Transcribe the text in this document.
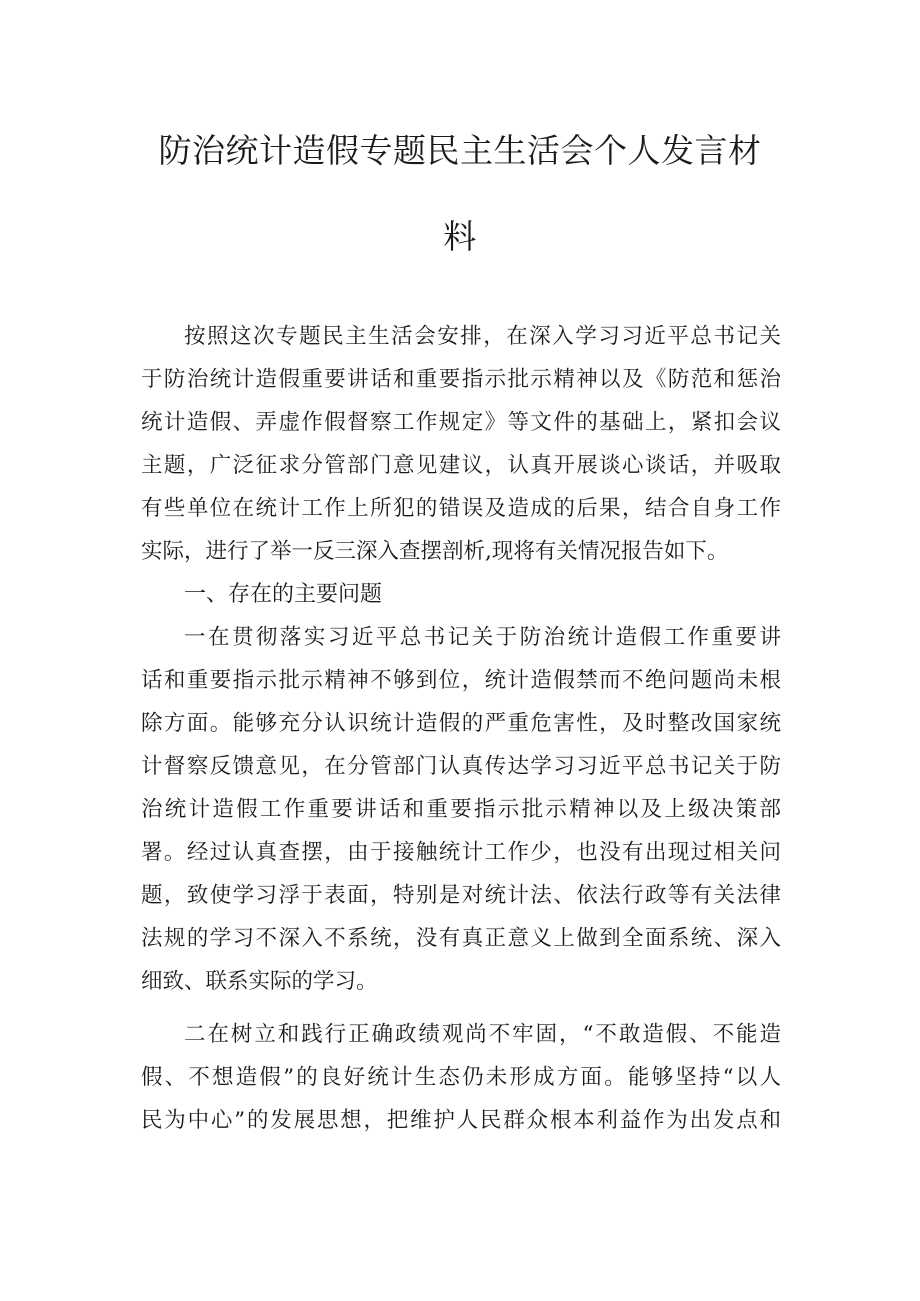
防治统计造假专题民主生活会个人发言材
料
按照这次专题民主生活会安排，在深入学习习近平总书记关
于防治统计造假重要讲话和重要指示批示精神以及《防范和惩治
统计造假、弄虚作假督察工作规定》等文件的基础上，紧扣会议
主题，广泛征求分管部门意见建议，认真开展谈心谈话，并吸取
有些单位在统计工作上所犯的错误及造成的后果，结合自身工作
实际，进行了举一反三深入查摆剖析,现将有关情况报告如下。
一、存在的主要问题
一在贯彻落实习近平总书记关于防治统计造假工作重要讲
话和重要指示批示精神不够到位，统计造假禁而不绝问题尚未根
除方面。能够充分认识统计造假的严重危害性，及时整改国家统
计督察反馈意见，在分管部门认真传达学习习近平总书记关于防
治统计造假工作重要讲话和重要指示批示精神以及上级决策部
署。经过认真查摆，由于接触统计工作少，也没有出现过相关问
题，致使学习浮于表面，特别是对统计法、依法行政等有关法律
法规的学习不深入不系统，没有真正意义上做到全面系统、深入
细致、联系实际的学习。
二在树立和践行正确政绩观尚不牢固，“不敢造假、不能造
假、不想造假”的良好统计生态仍未形成方面。能够坚持“以人
民为中心”的发展思想，把维护人民群众根本利益作为出发点和
